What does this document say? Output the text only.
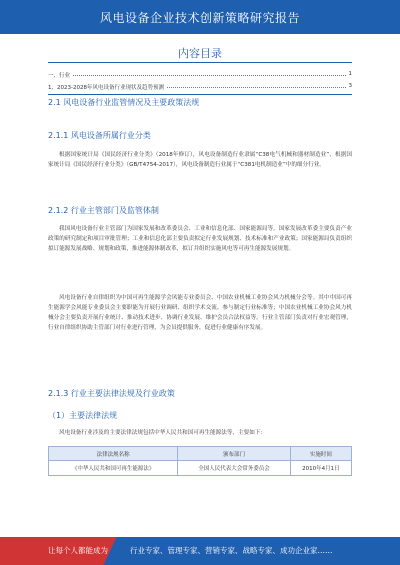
风电设备企业技术创新策略研究报告
内容目录
一、行业	1
1、2023-2028年风电设备行业现状及趋势预测	3
2.1 风电设备行业监管情况及主要政策法规
2.1.1 风电设备所属行业分类
根据国家统计局《国民经济行业分类》（2018年修订），风电设备制造行业隶属“C38电气机械和器材制造业”，根据国家统计局《国民经济行业分类》（GB/T4754-2017），风电设备制造行业属于“C381电机制造业”中的细分行业。
2.1.2 行业主管部门及监管体制
我国风电设备行业主管部门为国家发展和改革委员会、工业和信息化部、国家能源局等。国家发展改革委主要负责产业政策的研究制定和项目审批管理；工业和信息化部主要负责拟定行业发展规划、技术标准和产业政策；国家能源局负责组织拟订能源发展战略、规划和政策，推进能源体制改革，拟订并组织实施风电等可再生能源发展规划。
风电设备行业自律组织为中国可再生能源学会风能专业委员会、中国农业机械工业协会风力机械分会等。其中中国可再生能源学会风能专业委员会主要职能为开展行业调研、组织学术交流、参与制定行业标准等；中国农业机械工业协会风力机械分会主要负责开展行业统计、推动技术进步、协调行业发展、维护会员合法权益等。行业主管部门负责对行业宏观管理，行业自律组织协助主管部门对行业进行管理，为会员提供服务，促进行业健康有序发展。
2.1.3 行业主要法律法规及行业政策
（1）主要法律法规
风电设备行业涉及的主要法律法规包括中华人民共和国可再生能源法等，主要如下：
法律法规名称	颁布部门	实施时间
《中华人民共和国可再生能源法》	全国人民代表大会常务委员会	2010年4月1日
让每个人都能成为	行业专家、管理专家、营销专家、战略专家、成功企业家……
